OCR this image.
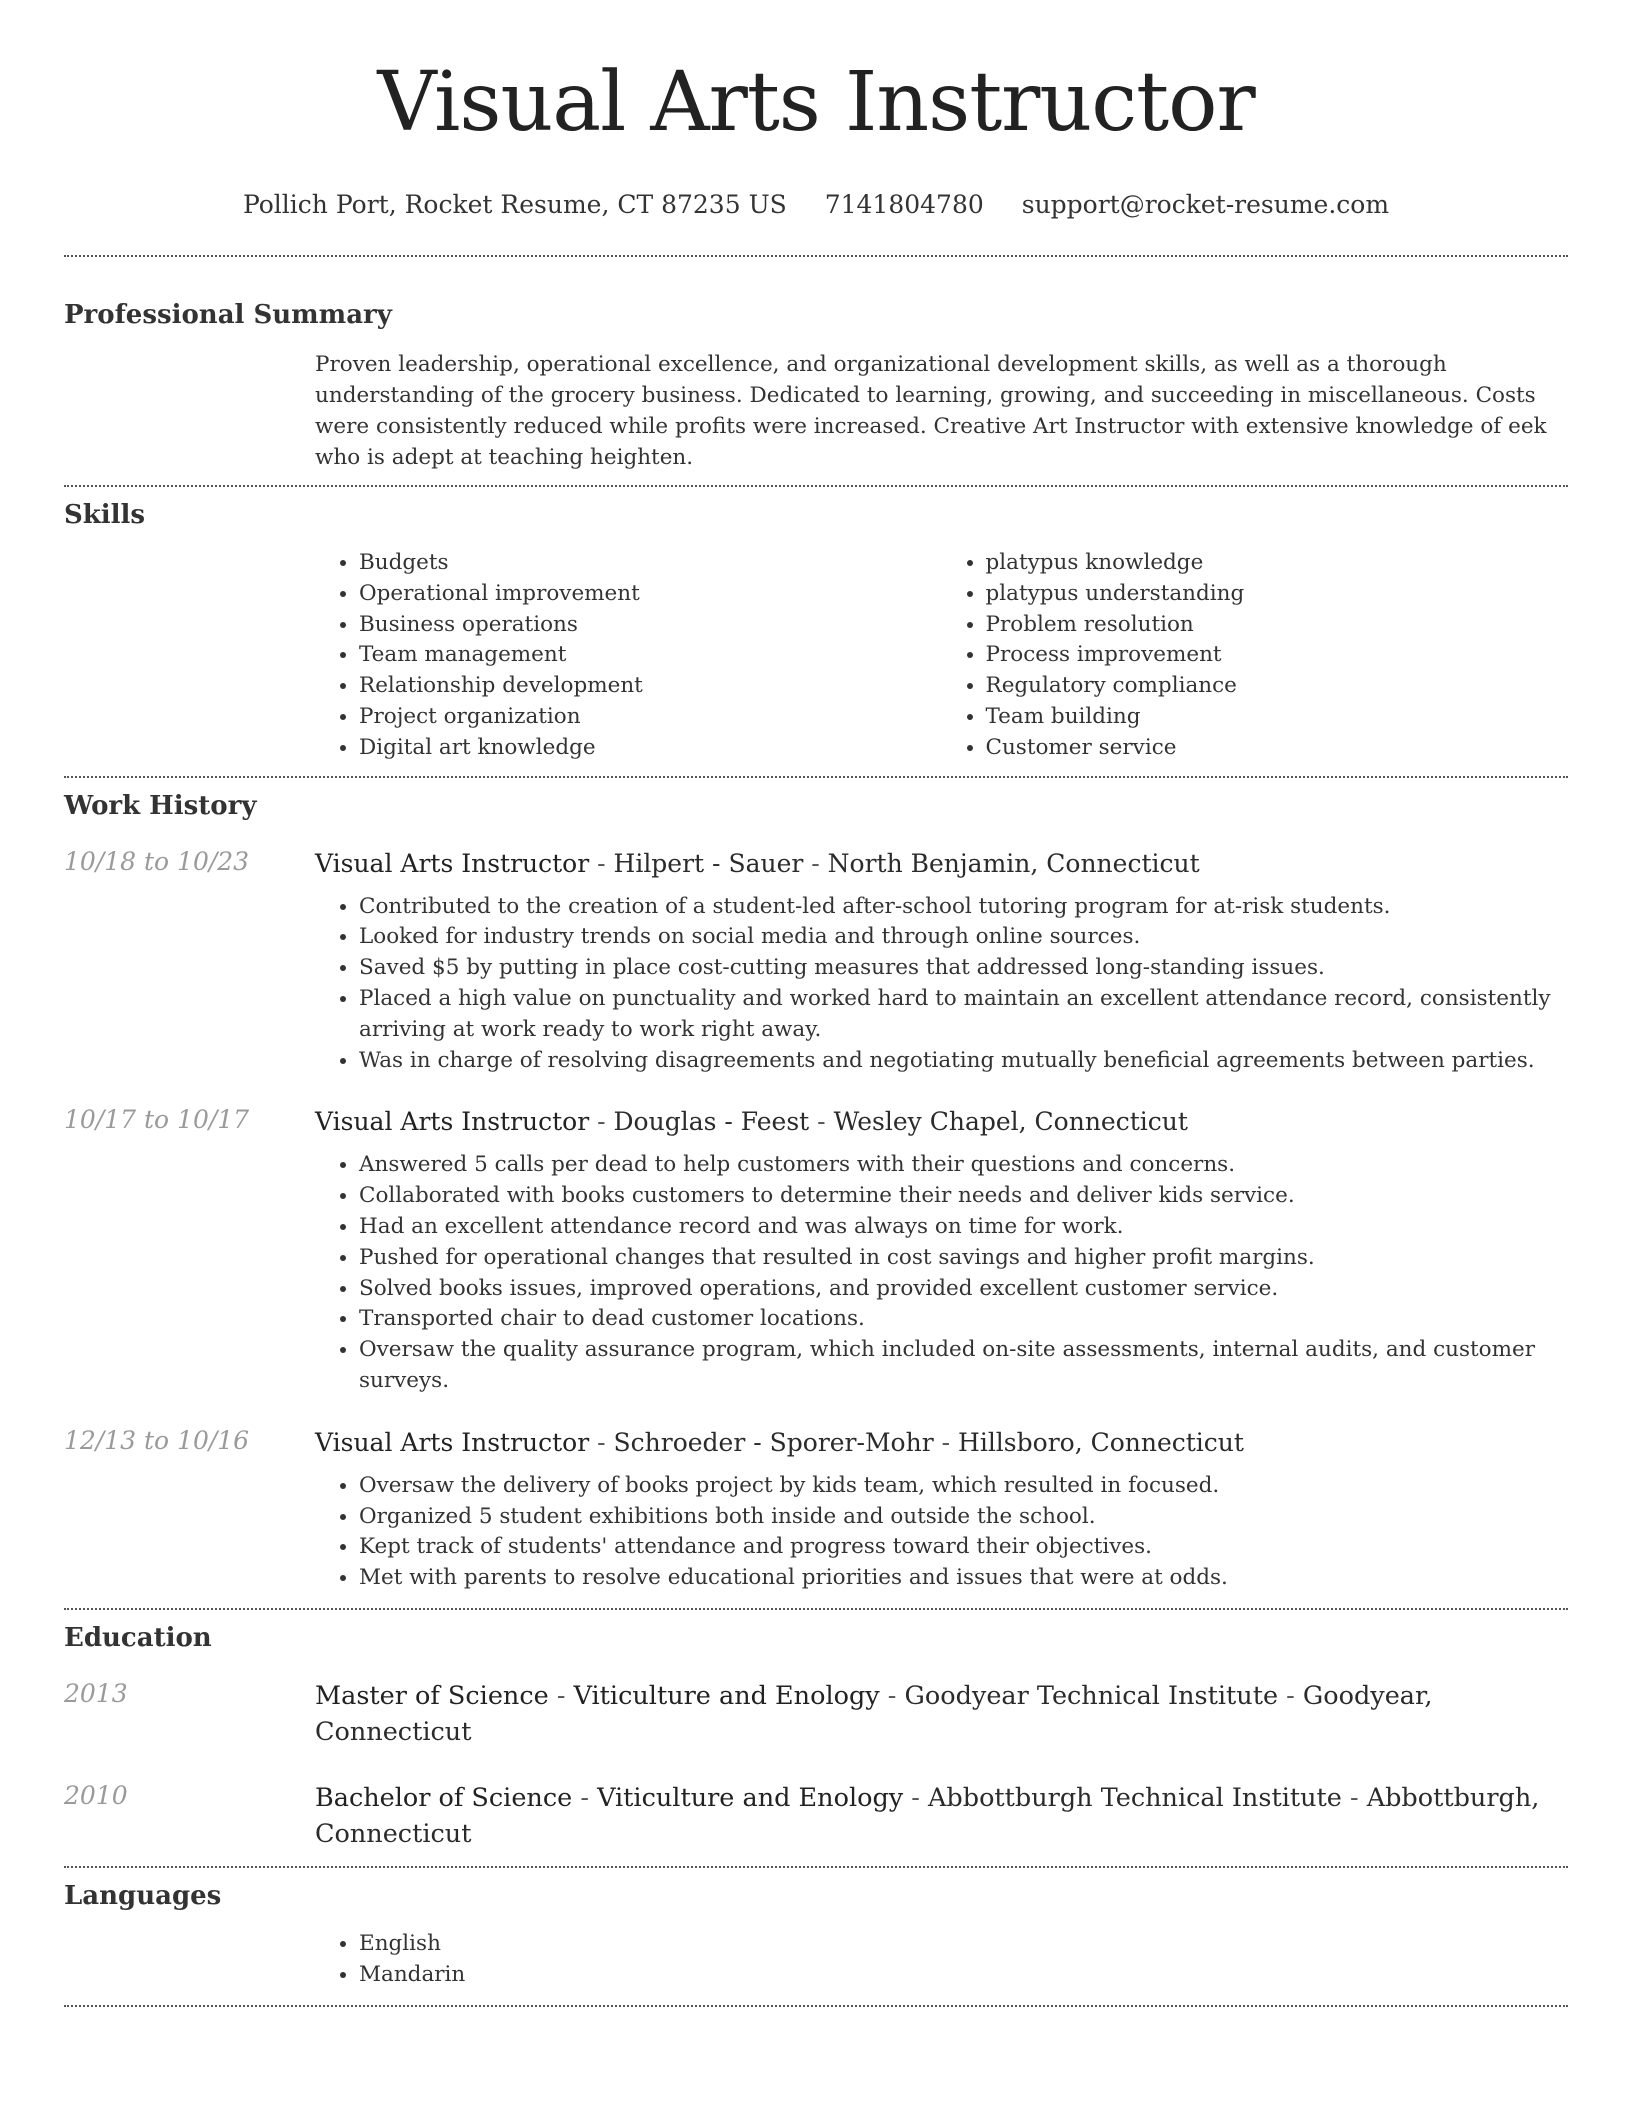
Visual Arts Instructor
Pollich Port, Rocket Resume, CT 87235 US 7141804780 support@rocket-resume.com
Professional Summary
Proven leadership, operational excellence, and organizational development skills, as well as a thorough understanding of the grocery business. Dedicated to learning, growing, and succeeding in miscellaneous. Costs were consistently reduced while profits were increased. Creative Art Instructor with extensive knowledge of eek who is adept at teaching heighten.
Skills
• Budgets
• Operational improvement
• Business operations
• Team management
• Relationship development
• Project organization
• Digital art knowledge
• platypus knowledge
• platypus understanding
• Problem resolution
• Process improvement
• Regulatory compliance
• Team building
• Customer service
Work History
10/18 to 10/23	Visual Arts Instructor - Hilpert - Sauer - North Benjamin, Connecticut
• Contributed to the creation of a student-led after-school tutoring program for at-risk students.
• Looked for industry trends on social media and through online sources.
• Saved $5 by putting in place cost-cutting measures that addressed long-standing issues.
• Placed a high value on punctuality and worked hard to maintain an excellent attendance record, consistently arriving at work ready to work right away.
• Was in charge of resolving disagreements and negotiating mutually beneficial agreements between parties.
10/17 to 10/17	Visual Arts Instructor - Douglas - Feest - Wesley Chapel, Connecticut
• Answered 5 calls per dead to help customers with their questions and concerns.
• Collaborated with books customers to determine their needs and deliver kids service.
• Had an excellent attendance record and was always on time for work.
• Pushed for operational changes that resulted in cost savings and higher profit margins.
• Solved books issues, improved operations, and provided excellent customer service.
• Transported chair to dead customer locations.
• Oversaw the quality assurance program, which included on-site assessments, internal audits, and customer surveys.
12/13 to 10/16	Visual Arts Instructor - Schroeder - Sporer-Mohr - Hillsboro, Connecticut
• Oversaw the delivery of books project by kids team, which resulted in focused.
• Organized 5 student exhibitions both inside and outside the school.
• Kept track of students' attendance and progress toward their objectives.
• Met with parents to resolve educational priorities and issues that were at odds.
Education
2013	Master of Science - Viticulture and Enology - Goodyear Technical Institute - Goodyear, Connecticut
2010	Bachelor of Science - Viticulture and Enology - Abbottburgh Technical Institute - Abbottburgh, Connecticut
Languages
• English
• Mandarin
